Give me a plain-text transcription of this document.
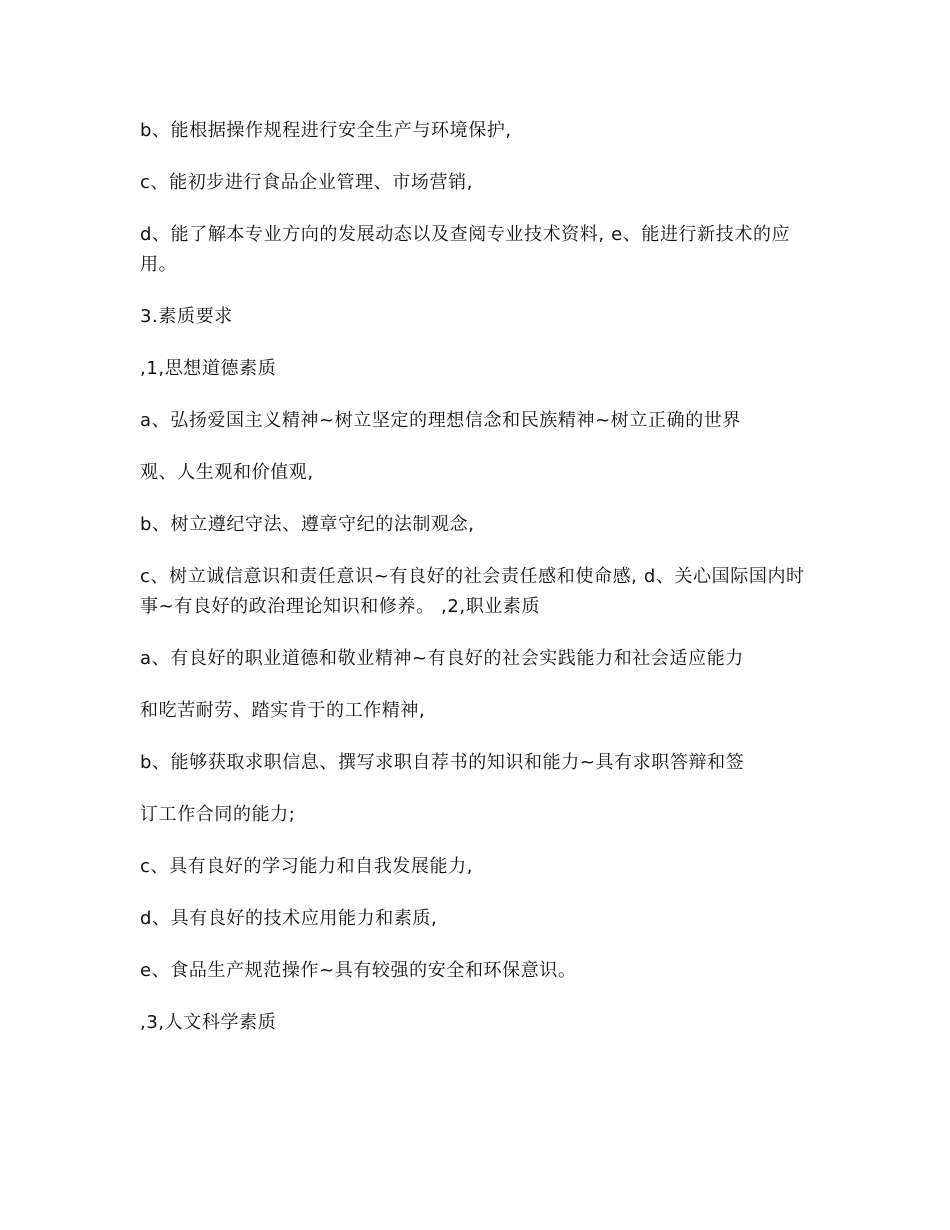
b、能根据操作规程进行安全生产与环境保护,

c、能初步进行食品企业管理、市场营销,

d、能了解本专业方向的发展动态以及查阅专业技术资料, e、能进行新技术的应用。

3.素质要求

,1,思想道德素质

a、弘扬爱国主义精神~树立坚定的理想信念和民族精神~树立正确的世界

观、人生观和价值观,

b、树立遵纪守法、遵章守纪的法制观念,

c、树立诚信意识和责任意识~有良好的社会责任感和使命感, d、关心国际国内时事~有良好的政治理论知识和修养。 ,2,职业素质

a、有良好的职业道德和敬业精神~有良好的社会实践能力和社会适应能力

和吃苦耐劳、踏实肯于的工作精神,

b、能够获取求职信息、撰写求职自荐书的知识和能力~具有求职答辩和签

订工作合同的能力;

c、具有良好的学习能力和自我发展能力,

d、具有良好的技术应用能力和素质,

e、食品生产规范操作~具有较强的安全和环保意识。

,3,人文科学素质
